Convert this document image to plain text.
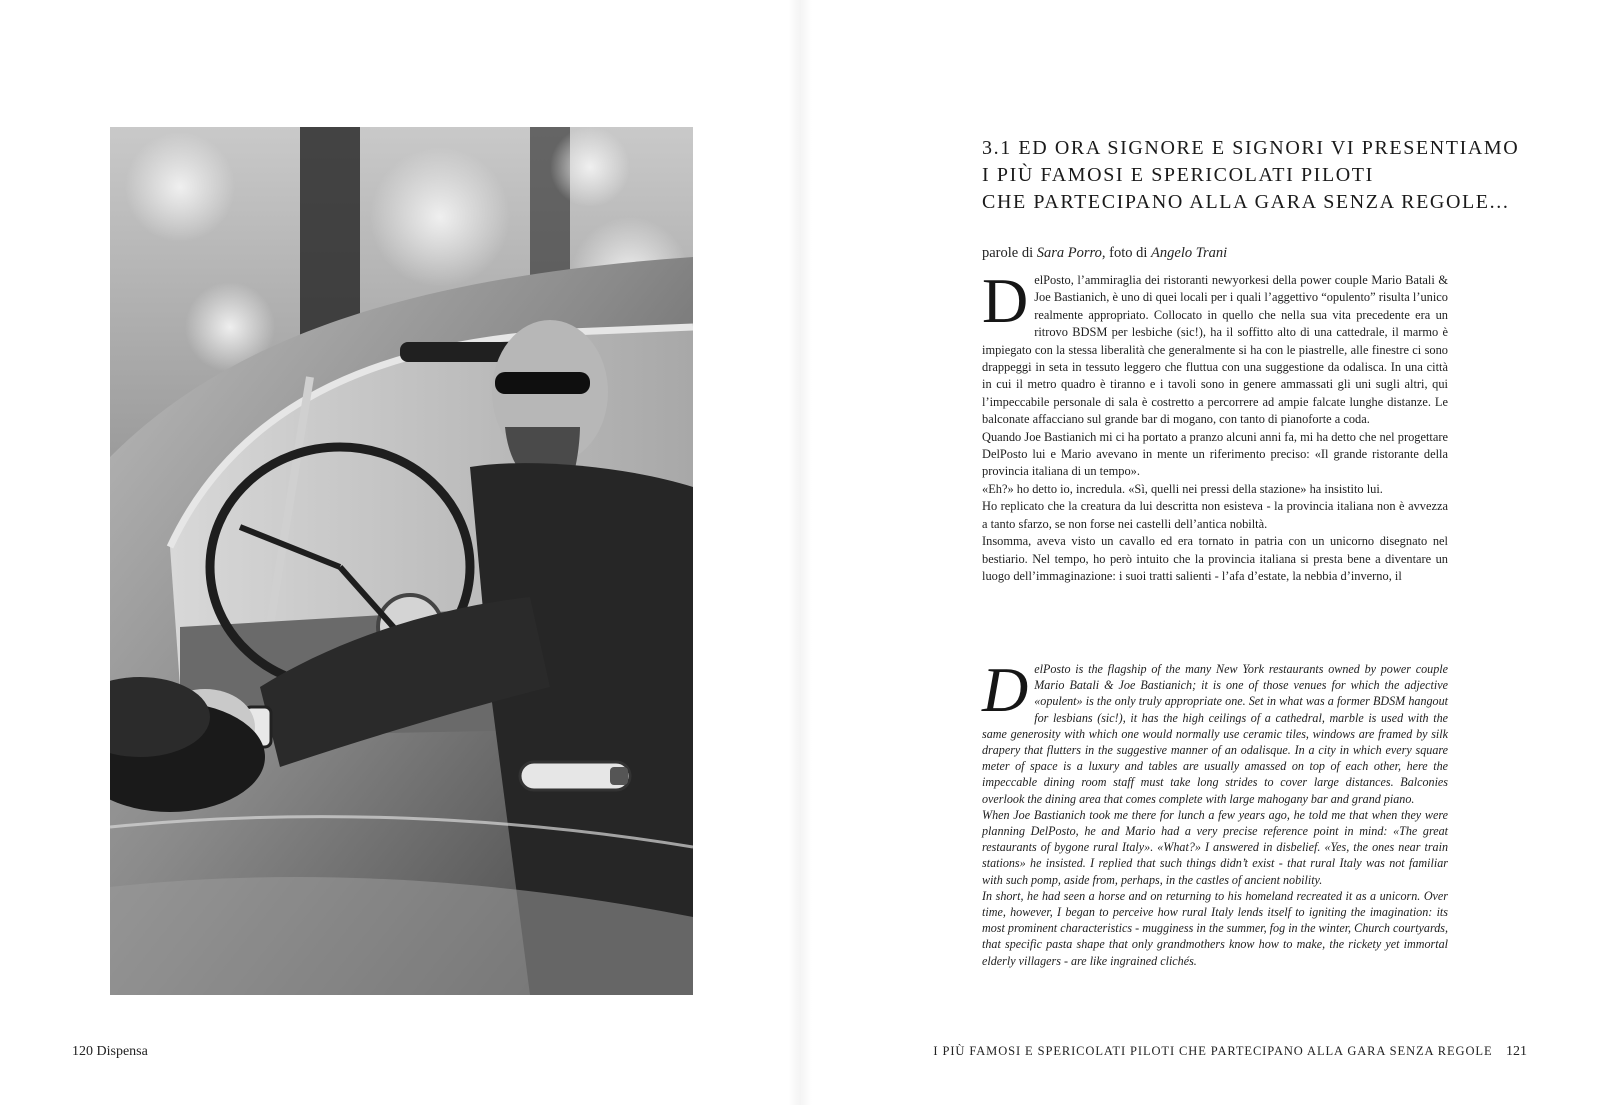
3.1 ED ORA SIGNORE E SIGNORI VI PRESENTIAMO
I PIÙ FAMOSI E SPERICOLATI PILOTI
CHE PARTECIPANO ALLA GARA SENZA REGOLE...
parole di Sara Porro, foto di Angelo Trani

DelPosto, l’ammiraglia dei ristoranti newyorkesi della power couple Mario Batali & Joe Bastianich, è uno di quei locali per i quali l’aggettivo “opulento” risulta l’unico realmente appropriato. Collocato in quello che nella sua vita precedente era un ritrovo BDSM per lesbiche (sic!), ha il soffitto alto di una cattedrale, il marmo è impiegato con la stessa liberalità che generalmente si ha con le piastrelle, alle finestre ci sono drappeggi in seta in tessuto leggero che fluttua con una suggestione da odalisca. In una città in cui il metro quadro è tiranno e i tavoli sono in genere ammassati gli uni sugli altri, qui l’impeccabile personale di sala è costretto a percorrere ad ampie falcate lunghe distanze. Le balconate affacciano sul grande bar di mogano, con tanto di pianoforte a coda.

Quando Joe Bastianich mi ci ha portato a pranzo alcuni anni fa, mi ha detto che nel progettare DelPosto lui e Mario avevano in mente un riferimento preciso: «Il grande ristorante della provincia italiana di un tempo».

«Eh?» ho detto io, incredula. «Sì, quelli nei pressi della stazione» ha insistito lui.

Ho replicato che la creatura da lui descritta non esisteva - la provincia italiana non è avvezza a tanto sfarzo, se non forse nei castelli dell’antica nobiltà.

Insomma, aveva visto un cavallo ed era tornato in patria con un unicorno disegnato nel bestiario. Nel tempo, ho però intuito che la provincia italiana si presta bene a diventare un luogo dell’immaginazione: i suoi tratti salienti - l’afa d’estate, la nebbia d’inverno, il

DelPosto is the flagship of the many New York restaurants owned by power couple Mario Batali & Joe Bastianich; it is one of those venues for which the adjective «opulent» is the only truly appropriate one. Set in what was a former BDSM hangout for lesbians (sic!), it has the high ceilings of a cathedral, marble is used with the same generosity with which one would normally use ceramic tiles, windows are framed by silk drapery that flutters in the suggestive manner of an odalisque. In a city in which every square meter of space is a luxury and tables are usually amassed on top of each other, here the impeccable dining room staff must take long strides to cover large distances. Balconies overlook the dining area that comes complete with large mahogany bar and grand piano.

When Joe Bastianich took me there for lunch a few years ago, he told me that when they were planning DelPosto, he and Mario had a very precise reference point in mind: «The great restaurants of bygone rural Italy». «What?» I answered in disbelief. «Yes, the ones near train stations» he insisted. I replied that such things didn’t exist - that rural Italy was not familiar with such pomp, aside from, perhaps, in the castles of ancient nobility.

In short, he had seen a horse and on returning to his homeland recreated it as a unicorn. Over time, however, I began to perceive how rural Italy lends itself to igniting the imagination: its most prominent characteristics - mugginess in the summer, fog in the winter, Church courtyards, that specific pasta shape that only grandmothers know how to make, the rickety yet immortal elderly villagers - are like ingrained clichés.

120 Dispensa	I PIÙ FAMOSI E SPERICOLATI PILOTI CHE PARTECIPANO ALLA GARA SENZA REGOLE 121
